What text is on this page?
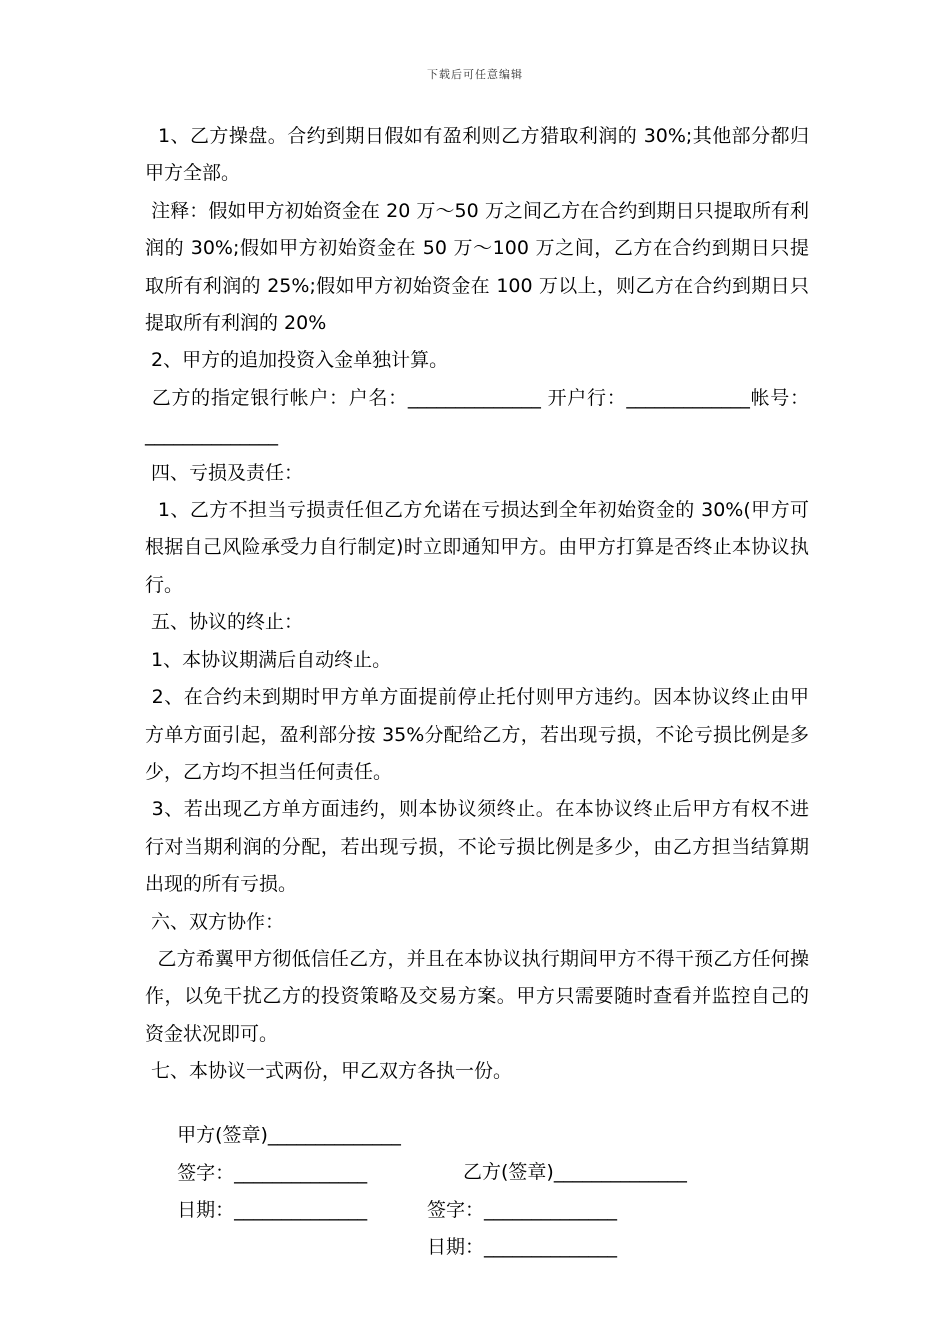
下载后可任意编辑

1、乙方操盘。合约到期日假如有盈利则乙方猎取利润的 30%;其他部分都归甲方全部。

注释：假如甲方初始资金在 20 万～50 万之间乙方在合约到期日只提取所有利润的 30%;假如甲方初始资金在 50 万～100 万之间，乙方在合约到期日只提取所有利润的 25%;假如甲方初始资金在 100 万以上，则乙方在合约到期日只提取所有利润的 20%

2、甲方的追加投资入金单独计算。

乙方的指定银行帐户：户名：______________ 开户行：_____________帐号：______________

四、亏损及责任：

1、乙方不担当亏损责任但乙方允诺在亏损达到全年初始资金的 30%(甲方可根据自己风险承受力自行制定)时立即通知甲方。由甲方打算是否终止本协议执行。

五、协议的终止：

1、本协议期满后自动终止。

2、在合约未到期时甲方单方面提前停止托付则甲方违约。因本协议终止由甲方单方面引起，盈利部分按 35%分配给乙方，若出现亏损，不论亏损比例是多少，乙方均不担当任何责任。

3、若出现乙方单方面违约，则本协议须终止。在本协议终止后甲方有权不进行对当期利润的分配，若出现亏损，不论亏损比例是多少，由乙方担当结算期出现的所有亏损。

六、双方协作：

乙方希翼甲方彻低信任乙方，并且在本协议执行期间甲方不得干预乙方任何操作，以免干扰乙方的投资策略及交易方案。甲方只需要随时查看并监控自己的资金状况即可。

七、本协议一式两份，甲乙双方各执一份。

甲方(签章)______________

乙方(签章)______________

签字：______________

签字：______________

日期：______________

日期：______________
